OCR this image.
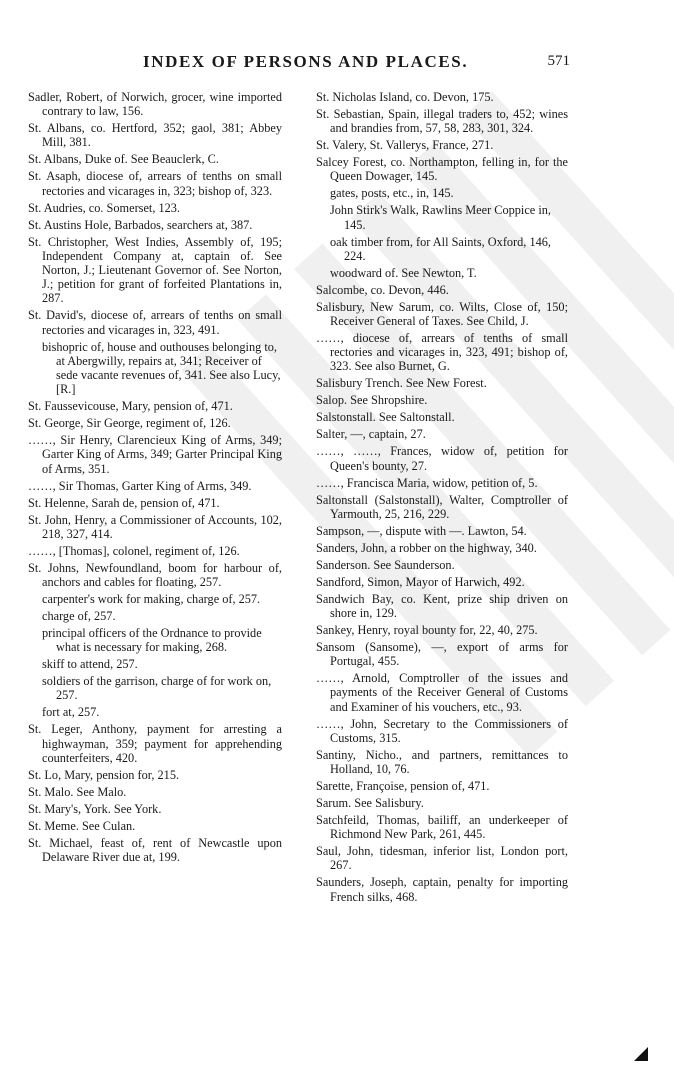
INDEX OF PERSONS AND PLACES.	571

Sadler, Robert, of Norwich, grocer, wine imported contrary to law, 156.

St. Albans, co. Hertford, 352; gaol, 381; Abbey Mill, 381.

St. Albans, Duke of. See Beauclerk, C.

St. Asaph, diocese of, arrears of tenths on small rectories and vicarages in, 323; bishop of, 323.

St. Audries, co. Somerset, 123.

St. Austins Hole, Barbados, searchers at, 387.

St. Christopher, West Indies, Assembly of, 195; Independent Company at, captain of. See Norton, J.; Lieutenant Governor of. See Norton, J.; petition for grant of forfeited Plantations in, 287.

St. David's, diocese of, arrears of tenths on small rectories and vicarages in, 323, 491.

bishopric of, house and outhouses belonging to, at Abergwilly, repairs at, 341; Receiver of sede vacante revenues of, 341. See also Lucy, [R.]

St. Faussevicouse, Mary, pension of, 471.

St. George, Sir George, regiment of, 126.

……, Sir Henry, Clarencieux King of Arms, 349; Garter King of Arms, 349; Garter Principal King of Arms, 351.

……, Sir Thomas, Garter King of Arms, 349.

St. Helenne, Sarah de, pension of, 471.

St. John, Henry, a Commissioner of Accounts, 102, 218, 327, 414.

……, [Thomas], colonel, regiment of, 126.

St. Johns, Newfoundland, boom for harbour of, anchors and cables for floating, 257.

carpenter's work for making, charge of, 257.

charge of, 257.

principal officers of the Ordnance to provide what is necessary for making, 268.

skiff to attend, 257.

soldiers of the garrison, charge of for work on, 257.

fort at, 257.

St. Leger, Anthony, payment for arresting a highwayman, 359; payment for apprehending counterfeiters, 420.

St. Lo, Mary, pension for, 215.

St. Malo. See Malo.

St. Mary's, York. See York.

St. Meme. See Culan.

St. Michael, feast of, rent of Newcastle upon Delaware River due at, 199.

St. Nicholas Island, co. Devon, 175.

St. Sebastian, Spain, illegal traders to, 452; wines and brandies from, 57, 58, 283, 301, 324.

St. Valery, St. Vallerys, France, 271.

Salcey Forest, co. Northampton, felling in, for the Queen Dowager, 145.

gates, posts, etc., in, 145.

John Stirk's Walk, Rawlins Meer Coppice in, 145.

oak timber from, for All Saints, Oxford, 146, 224.

woodward of. See Newton, T.

Salcombe, co. Devon, 446.

Salisbury, New Sarum, co. Wilts, Close of, 150; Receiver General of Taxes. See Child, J.

……, diocese of, arrears of tenths of small rectories and vicarages in, 323, 491; bishop of, 323. See also Burnet, G.

Salisbury Trench. See New Forest.

Salop. See Shropshire.

Salstonstall. See Saltonstall.

Salter, —, captain, 27.

……, ……, Frances, widow of, petition for Queen's bounty, 27.

……, Francisca Maria, widow, petition of, 5.

Saltonstall (Salstonstall), Walter, Comptroller of Yarmouth, 25, 216, 229.

Sampson, —, dispute with —. Lawton, 54.

Sanders, John, a robber on the highway, 340.

Sanderson. See Saunderson.

Sandford, Simon, Mayor of Harwich, 492.

Sandwich Bay, co. Kent, prize ship driven on shore in, 129.

Sankey, Henry, royal bounty for, 22, 40, 275.

Sansom (Sansome), —, export of arms for Portugal, 455.

……, Arnold, Comptroller of the issues and payments of the Receiver General of Customs and Examiner of his vouchers, etc., 93.

……, John, Secretary to the Commissioners of Customs, 315.

Santiny, Nicho., and partners, remittances to Holland, 10, 76.

Sarette, Françoise, pension of, 471.

Sarum. See Salisbury.

Satchfeild, Thomas, bailiff, an underkeeper of Richmond New Park, 261, 445.

Saul, John, tidesman, inferior list, London port, 267.

Saunders, Joseph, captain, penalty for importing French silks, 468.
